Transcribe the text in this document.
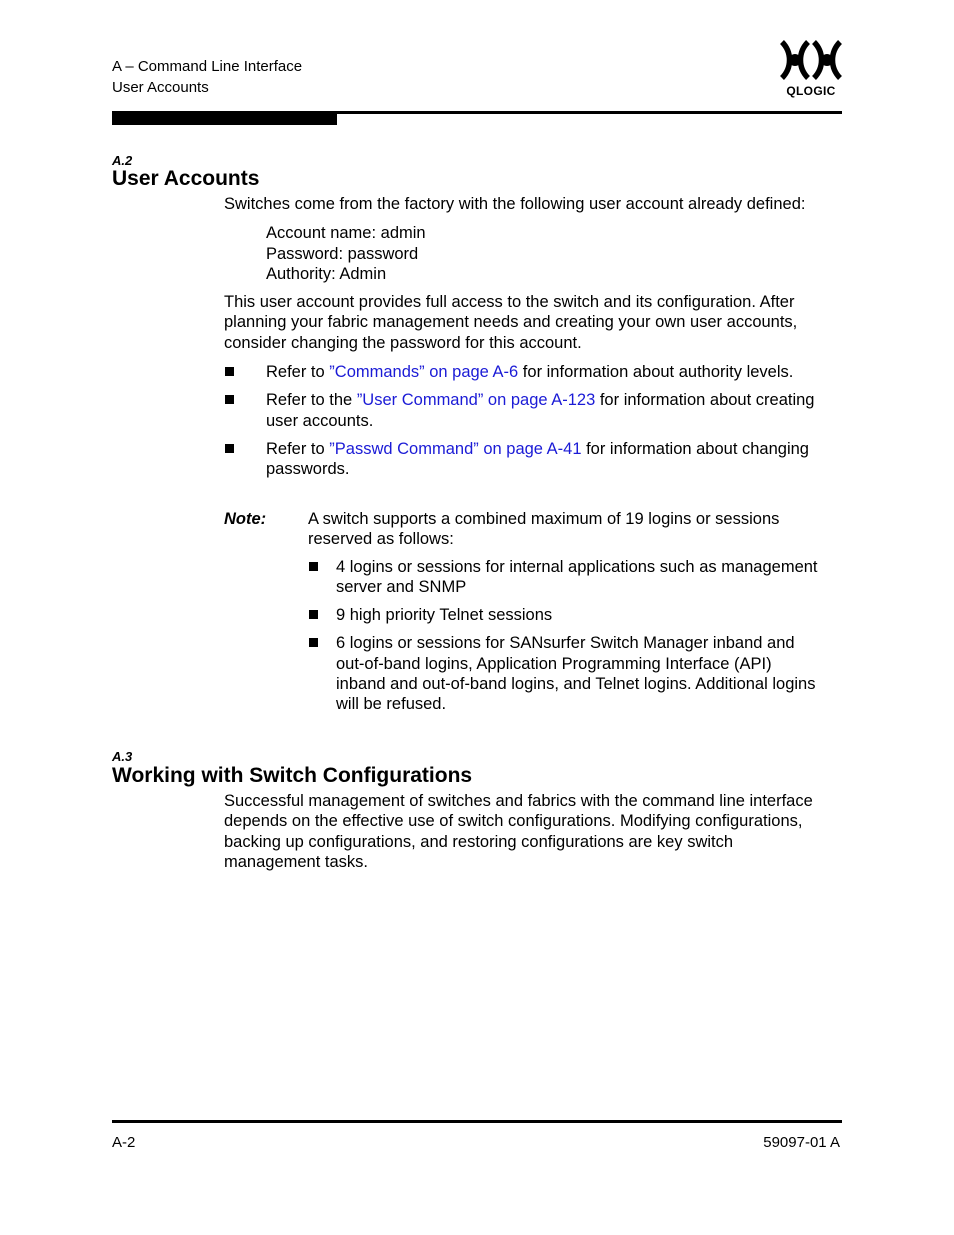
A – Command Line Interface
User Accounts	QLOGIC
A.2
User Accounts
Switches come from the factory with the following user account already defined:
Account name: admin
Password: password
Authority: Admin
This user account provides full access to the switch and its configuration. After
planning your fabric management needs and creating your own user accounts,
consider changing the password for this account.
Refer to ”Commands” on page A-6 for information about authority levels.
Refer to the ”User Command” on page A-123 for information about creating
user accounts.
Refer to ”Passwd Command” on page A-41 for information about changing
passwords.
Note:	A switch supports a combined maximum of 19 logins or sessions
reserved as follows:
4 logins or sessions for internal applications such as management
server and SNMP
9 high priority Telnet sessions
6 logins or sessions for SANsurfer Switch Manager inband and
out-of-band logins, Application Programming Interface (API)
inband and out-of-band logins, and Telnet logins. Additional logins
will be refused.
A.3
Working with Switch Configurations
Successful management of switches and fabrics with the command line interface
depends on the effective use of switch configurations. Modifying configurations,
backing up configurations, and restoring configurations are key switch
management tasks.
A-2	59097-01 A
